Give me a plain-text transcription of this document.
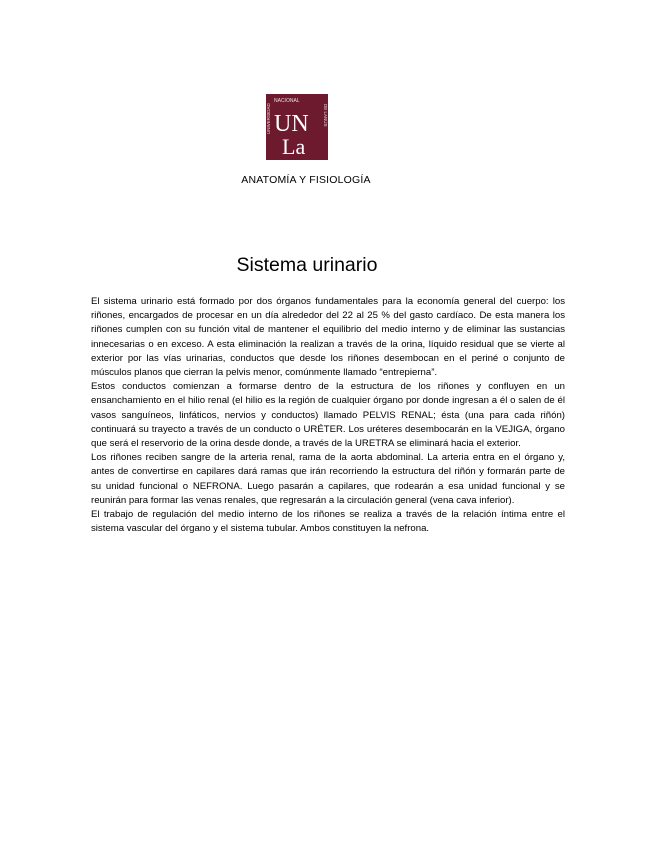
UNIVERSIDAD
NACIONAL
DE LANÚS
UN
La
ANATOMÍA Y FISIOLOGÍA
Sistema urinario

El sistema urinario está formado por dos órganos fundamentales para la economía general del cuerpo: los riñones, encargados de procesar en un día alrededor del 22 al 25 % del gasto cardíaco. De esta manera los riñones cumplen con su función vital de mantener el equilibrio del medio interno y de eliminar las sustancias innecesarias o en exceso. A esta eliminación la realizan a través de la orina, líquido residual que se vierte al exterior por las vías urinarias, conductos que desde los riñones desembocan en el periné o conjunto de músculos planos que cierran la pelvis menor, comúnmente llamado “entrepierna”.

Estos conductos comienzan a formarse dentro de la estructura de los riñones y confluyen en un ensanchamiento en el hilio renal (el hilio es la región de cualquier órgano por donde ingresan a él o salen de él vasos sanguíneos, linfáticos, nervios y conductos) llamado PELVIS RENAL; ésta (una para cada riñón) continuará su trayecto a través de un conducto o URÉTER. Los uréteres desembocarán en la VEJIGA, órgano que será el reservorio de la orina desde donde, a través de la URETRA se eliminará hacia el exterior.

Los riñones reciben sangre de la arteria renal, rama de la aorta abdominal. La arteria entra en el órgano y, antes de convertirse en capilares dará ramas que irán recorriendo la estructura del riñón y formarán parte de su unidad funcional o NEFRONA. Luego pasarán a capilares, que rodearán a esa unidad funcional y se reunirán para formar las venas renales, que regresarán a la circulación general (vena cava inferior).

El trabajo de regulación del medio interno de los riñones se realiza a través de la relación íntima entre el sistema vascular del órgano y el sistema tubular. Ambos constituyen la nefrona.
